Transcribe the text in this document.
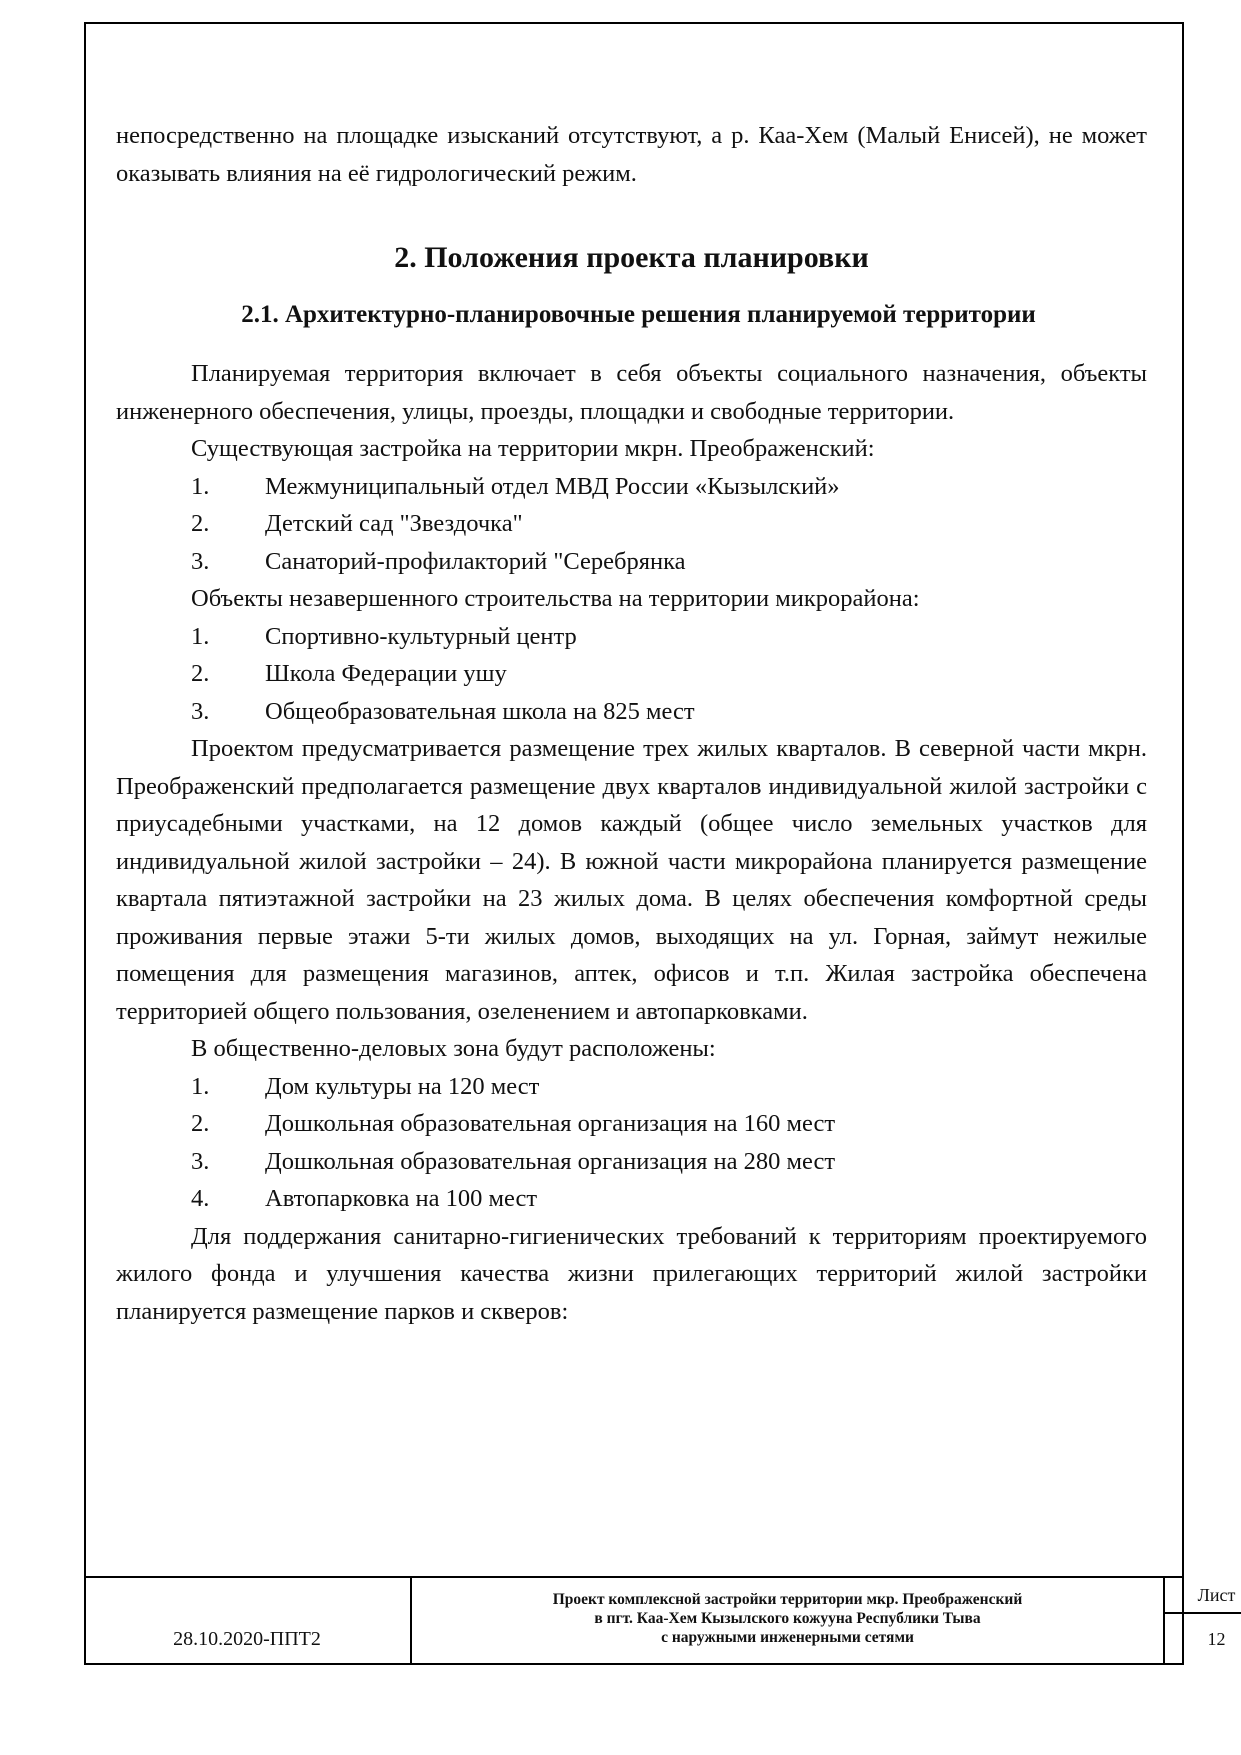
непосредственно на площадке изысканий отсутствуют, а р. Каа-Хем (Малый Енисей), не может оказывать влияния на её гидрологический режим.

2. Положения проекта планировки
2.1. Архитектурно-планировочные решения планируемой территории

Планируемая территория включает в себя объекты социального назначения, объекты инженерного обеспечения, улицы, проезды, площадки и свободные территории.

Существующая застройка на территории мкрн. Преображенский:

1.	Межмуниципальный отдел МВД России «Кызылский»
2.	Детский сад "Звездочка"
3.	Санаторий-профилакторий "Серебрянка

Объекты незавершенного строительства на территории микрорайона:

1.	Спортивно-культурный центр
2.	Школа Федерации ушу
3.	Общеобразовательная школа на 825 мест

Проектом предусматривается размещение трех жилых кварталов. В северной части мкрн. Преображенский предполагается размещение двух кварталов индивидуальной жилой застройки с приусадебными участками, на 12 домов каждый (общее число земельных участков для индивидуальной жилой застройки – 24). В южной части микрорайона планируется размещение квартала пятиэтажной застройки на 23 жилых дома. В целях обеспечения комфортной среды проживания первые этажи 5-ти жилых домов, выходящих на ул. Горная, займут нежилые помещения для размещения магазинов, аптек, офисов и т.п. Жилая застройка обеспечена территорией общего пользования, озеленением и автопарковками.

В общественно-деловых зона будут расположены:

1.	Дом культуры на 120 мест
2.	Дошкольная образовательная организация на 160 мест
3.	Дошкольная образовательная организация на 280 мест
4.	Автопарковка на 100 мест

Для поддержания санитарно-гигиенических требований к территориям проектируемого жилого фонда и улучшения качества жизни прилегающих территорий жилой застройки планируется размещение парков и скверов:

28.10.2020-ППТ2
Проект комплексной застройки территории мкр. Преображенский
в пгт. Каа-Хем Кызылского кожууна Республики Тыва
с наружными инженерными сетями
Лист
12
